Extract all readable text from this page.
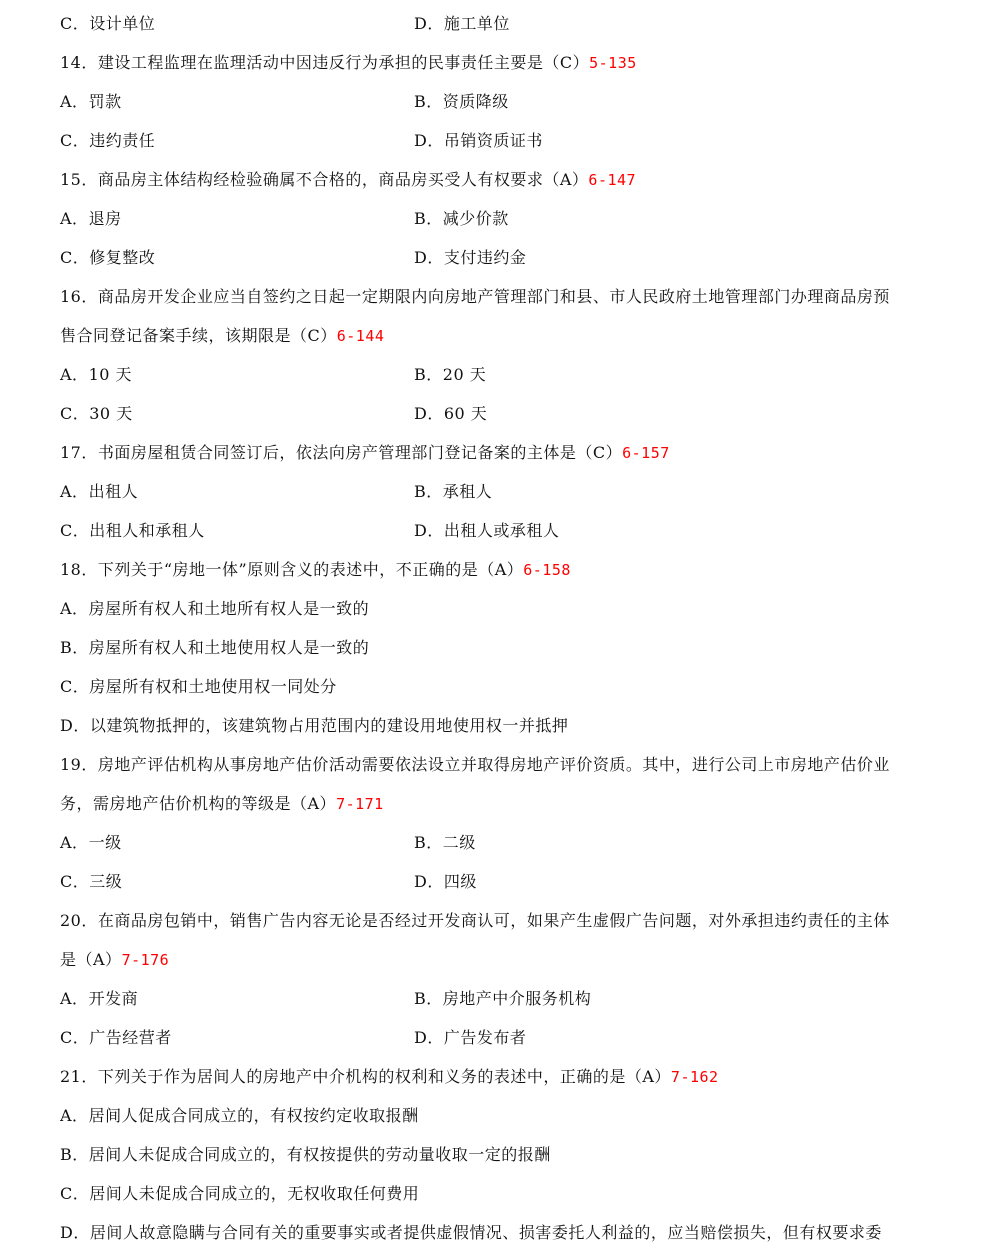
C．设计单位	D．施工单位
14．建设工程监理在监理活动中因违反行为承担的民事责任主要是（C）5-135
A．罚款	B．资质降级
C．违约责任	D．吊销资质证书
15．商品房主体结构经检验确属不合格的，商品房买受人有权要求（A）6-147
A．退房	B．减少价款
C．修复整改	D．支付违约金
16．商品房开发企业应当自签约之日起一定期限内向房地产管理部门和县、市人民政府土地管理部门办理商品房预
售合同登记备案手续，该期限是（C）6-144
A．10 天	B．20 天
C．30 天	D．60 天
17．书面房屋租赁合同签订后，依法向房产管理部门登记备案的主体是（C）6-157
A．出租人	B．承租人
C．出租人和承租人	D．出租人或承租人
18．下列关于“房地一体”原则含义的表述中，不正确的是（A）6-158
A．房屋所有权人和土地所有权人是一致的
B．房屋所有权人和土地使用权人是一致的
C．房屋所有权和土地使用权一同处分
D．以建筑物抵押的，该建筑物占用范围内的建设用地使用权一并抵押
19．房地产评估机构从事房地产估价活动需要依法设立并取得房地产评价资质。其中，进行公司上市房地产估价业
务，需房地产估价机构的等级是（A）7-171
A．一级	B．二级
C．三级	D．四级
20．在商品房包销中，销售广告内容无论是否经过开发商认可，如果产生虚假广告问题，对外承担违约责任的主体
是（A）7-176
A．开发商	B．房地产中介服务机构
C．广告经营者	D．广告发布者
21．下列关于作为居间人的房地产中介机构的权利和义务的表述中，正确的是（A）7-162
A．居间人促成合同成立的，有权按约定收取报酬
B．居间人未促成合同成立的，有权按提供的劳动量收取一定的报酬
C．居间人未促成合同成立的，无权收取任何费用
D．居间人故意隐瞒与合同有关的重要事实或者提供虚假情况、损害委托人利益的，应当赔偿损失，但有权要求委
